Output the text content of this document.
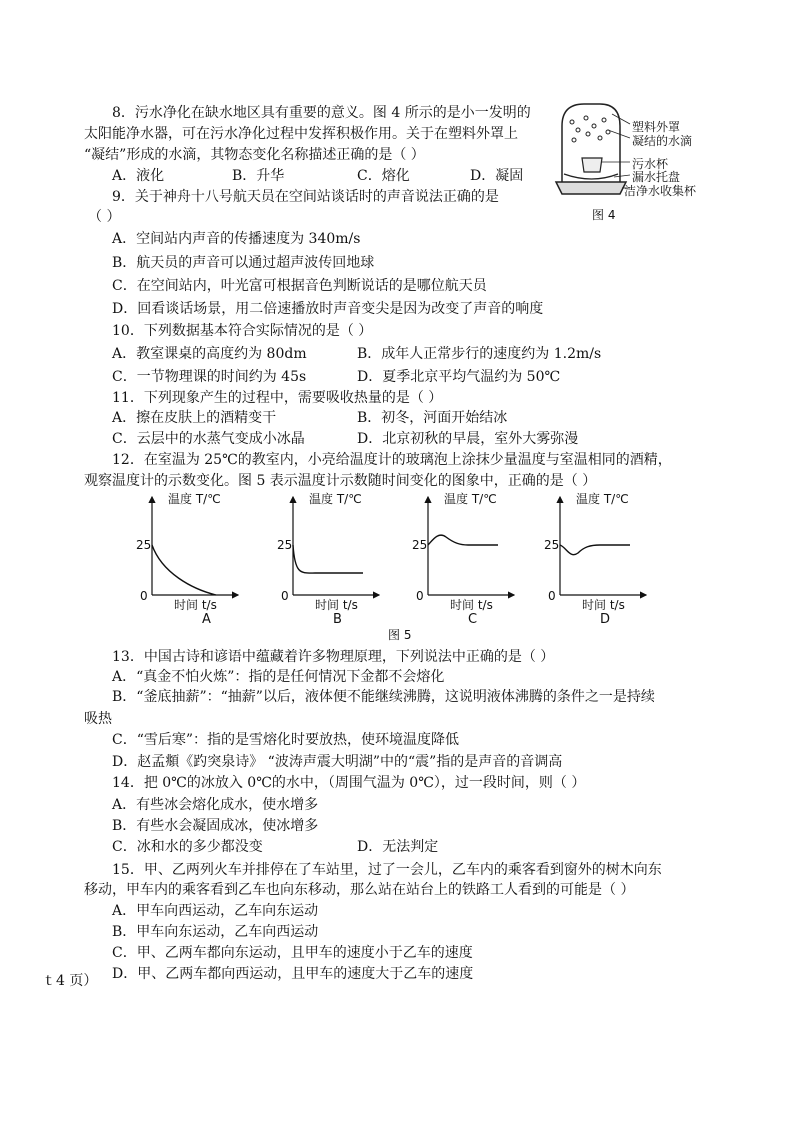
8．污水净化在缺水地区具有重要的意义。图 4 所示的是小一发明的
太阳能净水器，可在污水净化过程中发挥积极作用。关于在塑料外罩上
“凝结”形成的水滴，其物态变化名称描述正确的是（ ）
A．液化	B．升华	C．熔化	D．凝固
塑料外罩
凝结的水滴
污水杯
漏水托盘
洁净水收集杯
图 4
9．关于神舟十八号航天员在空间站谈话时的声音说法正确的是
（ ）
A．空间站内声音的传播速度为 340m/s
B．航天员的声音可以通过超声波传回地球
C．在空间站内，叶光富可根据音色判断说话的是哪位航天员
D．回看谈话场景，用二倍速播放时声音变尖是因为改变了声音的响度
10．下列数据基本符合实际情况的是（ ）
A．教室课桌的高度约为 80dm	B．成年人正常步行的速度约为 1.2m/s
C．一节物理课的时间约为 45s	D．夏季北京平均气温约为 50℃
11．下列现象产生的过程中，需要吸收热量的是（ ）
A．擦在皮肤上的酒精变干	B．初冬，河面开始结冰
C．云层中的水蒸气变成小冰晶	D．北京初秋的早晨，室外大雾弥漫
12．在室温为 25℃的教室内，小亮给温度计的玻璃泡上涂抹少量温度与室温相同的酒精，
观察温度计的示数变化。图 5 表示温度计示数随时间变化的图象中，正确的是（ ）
温度 T/℃
25
0
时间 t/s
A
温度 T/℃
25
0
时间 t/s
B
温度 T/℃
25
0
时间 t/s
C
温度 T/℃
25
0
时间 t/s
D
图 5
13．中国古诗和谚语中蕴藏着许多物理原理，下列说法中正确的是（ ）
A．“真金不怕火炼”：指的是任何情况下金都不会熔化
B．“釜底抽薪”：“抽薪”以后，液体便不能继续沸腾，这说明液体沸腾的条件之一是持续
吸热
C．“雪后寒”：指的是雪熔化时要放热，使环境温度降低
D．赵孟頫《趵突泉诗》 “波涛声震大明湖”中的“震”指的是声音的音调高
14．把 0℃的冰放入 0℃的水中，（周围气温为 0℃），过一段时间，则（ ）
A．有些冰会熔化成水，使水增多
B．有些水会凝固成冰，使冰增多
C．冰和水的多少都没变	D．无法判定
15．甲、乙两列火车并排停在了车站里，过了一会儿，乙车内的乘客看到窗外的树木向东
移动，甲车内的乘客看到乙车也向东移动，那么站在站台上的铁路工人看到的可能是（ ）
A．甲车向西运动，乙车向东运动
B．甲车向东运动，乙车向西运动
C．甲、乙两车都向东运动，且甲车的速度小于乙车的速度
D．甲、乙两车都向西运动，且甲车的速度大于乙车的速度
ｔ4 页）
